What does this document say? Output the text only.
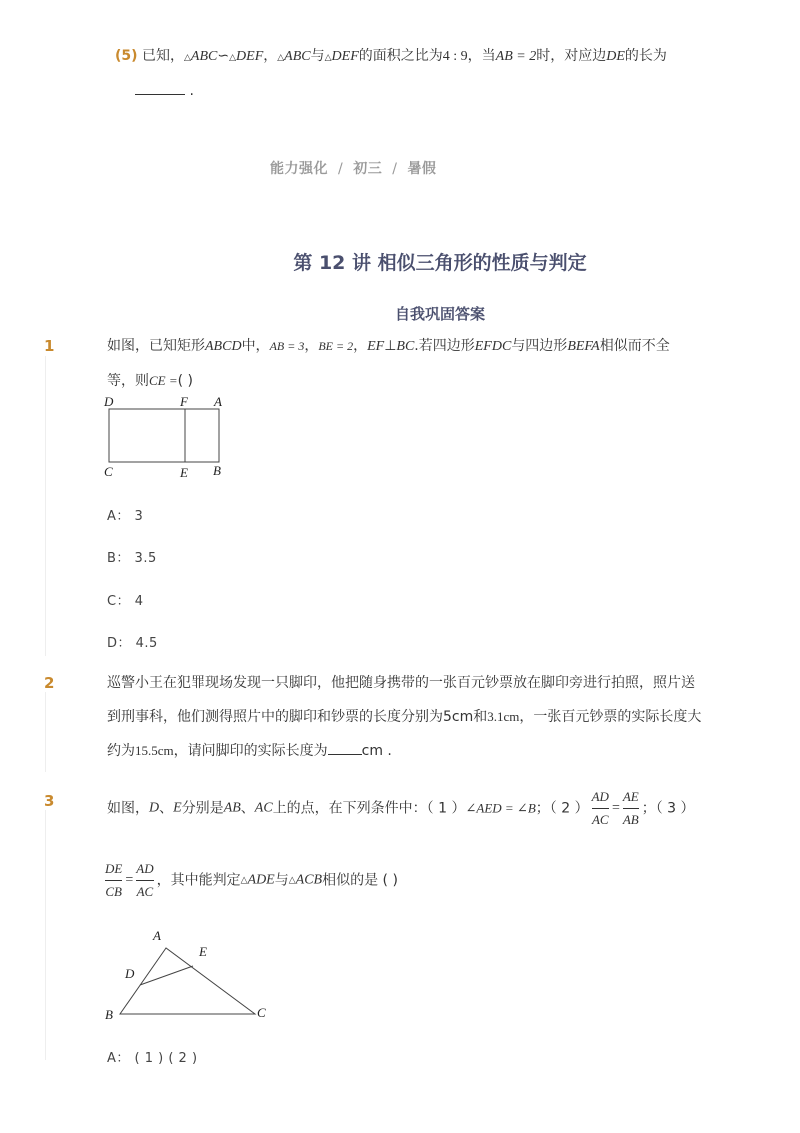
(5) 已知，△ABC∽△DEF，△ABC与△DEF的面积之比为4 : 9，当AB = 2时，对应边DE的长为
.
能力强化 / 初三 / 暑假
第 12 讲 相似三角形的性质与判定
自我巩固答案
1	如图，已知矩形ABCD中，AB = 3，BE = 2，EF⊥BC.若四边形EFDC与四边形BEFA相似而不全
等，则CE =( )
D	F A
C	E B
A： 3
B： 3.5
C： 4
D： 4.5
2	巡警小王在犯罪现场发现一只脚印，他把随身携带的一张百元钞票放在脚印旁进行拍照，照片送
到刑事科，他们测得照片中的脚印和钞票的长度分别为5cm和3.1cm，一张百元钞票的实际长度大
约为15.5cm，请问脚印的实际长度为 cm .
3	如图，D、E分别是AB、AC上的点，在下列条件中：（ 1 ）∠AED = ∠B；（ 2 ） $\frac{AD}{AC} = \frac{AE}{AB}$ ；（ 3 ）
$\frac{DE}{CB} = \frac{AD}{AC}$ ，其中能判定△ADE与△ACB相似的是 ( )
A
E
D
B	C
A： ( 1 ) ( 2 )
